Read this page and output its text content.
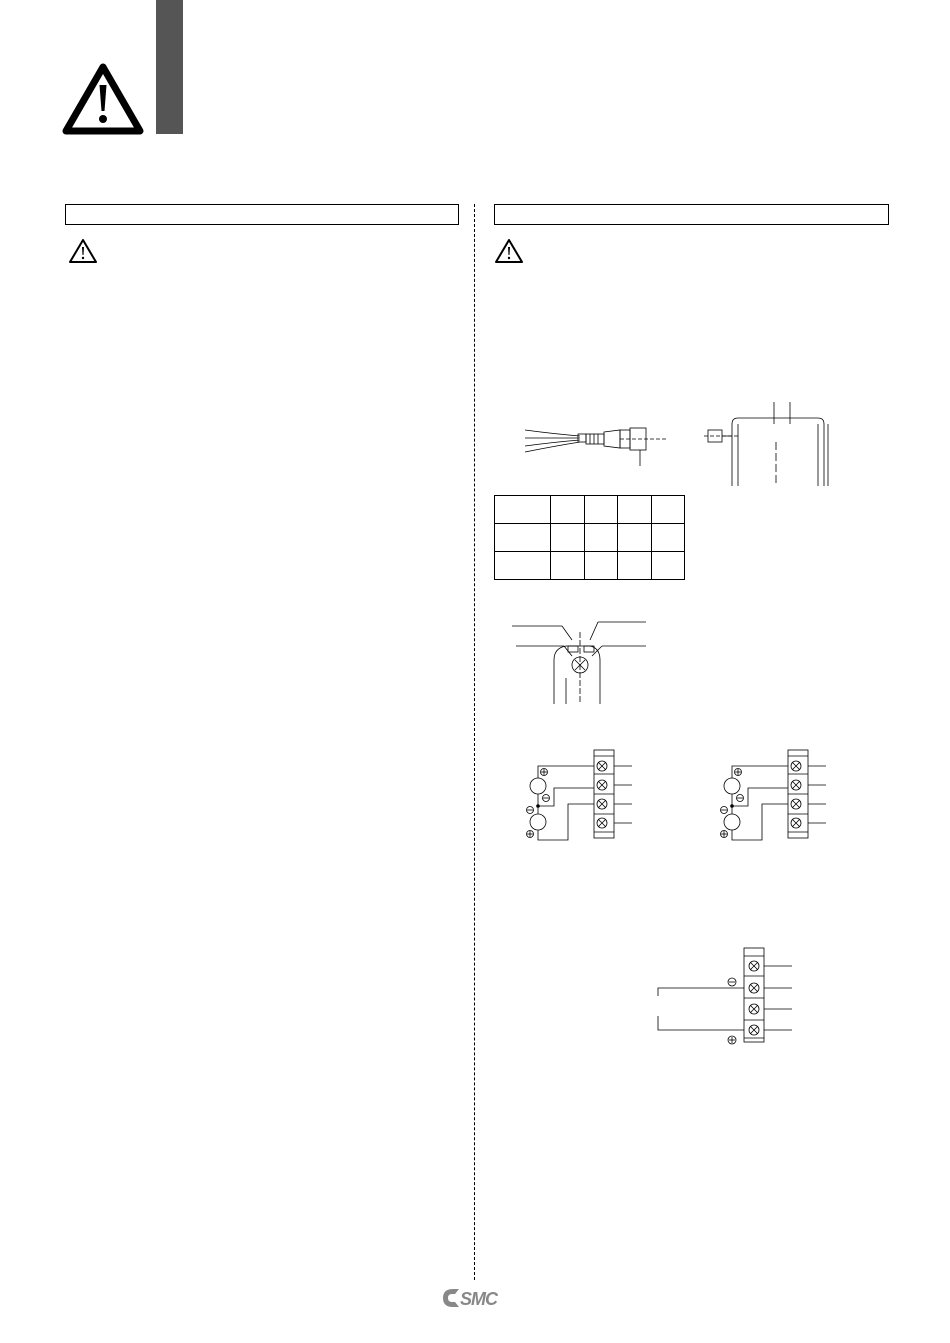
SMC
